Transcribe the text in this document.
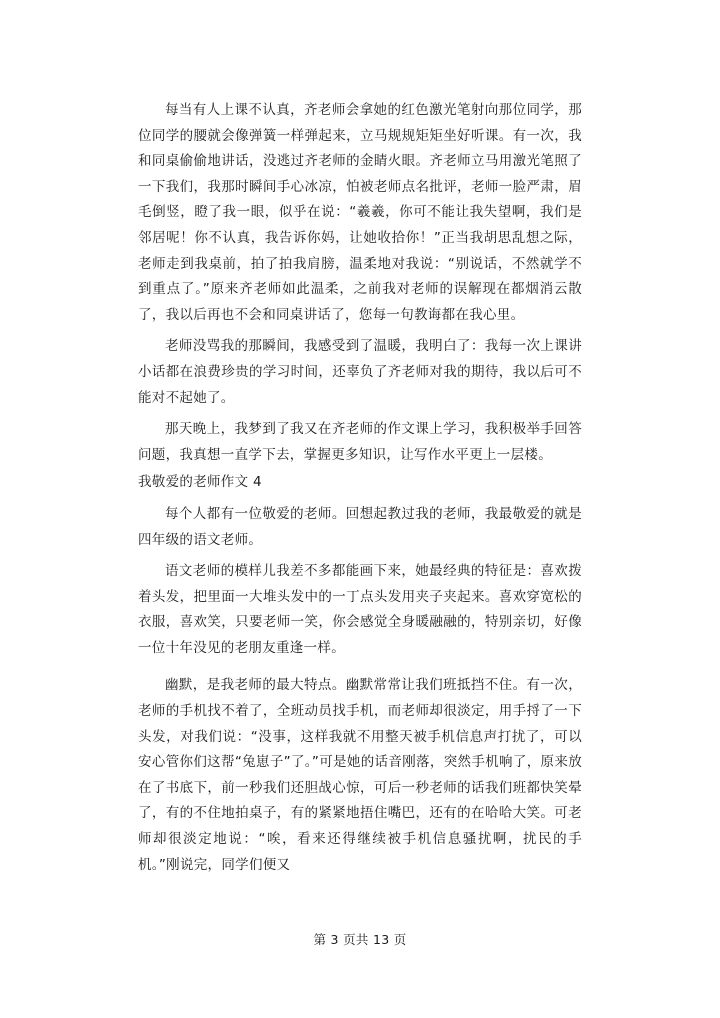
每当有人上课不认真，齐老师会拿她的红色激光笔射向那位同学，那位同学的腰就会像弹簧一样弹起来，立马规规矩矩坐好听课。有一次，我和同桌偷偷地讲话，没逃过齐老师的金睛火眼。齐老师立马用激光笔照了一下我们，我那时瞬间手心冰凉，怕被老师点名批评，老师一脸严肃，眉毛倒竖，瞪了我一眼，似乎在说：“羲羲，你可不能让我失望啊，我们是邻居呢！你不认真，我告诉你妈，让她收拾你！”正当我胡思乱想之际，老师走到我桌前，拍了拍我肩膀，温柔地对我说：“别说话，不然就学不到重点了。”原来齐老师如此温柔，之前我对老师的误解现在都烟消云散了，我以后再也不会和同桌讲话了，您每一句教诲都在我心里。

老师没骂我的那瞬间，我感受到了温暖，我明白了：我每一次上课讲小话都在浪费珍贵的学习时间，还辜负了齐老师对我的期待，我以后可不能对不起她了。

那天晚上，我梦到了我又在齐老师的作文课上学习，我积极举手回答问题，我真想一直学下去，掌握更多知识，让写作水平更上一层楼。

我敬爱的老师作文 4

每个人都有一位敬爱的老师。回想起教过我的老师，我最敬爱的就是四年级的语文老师。

语文老师的模样儿我差不多都能画下来，她最经典的特征是：喜欢拨着头发，把里面一大堆头发中的一丁点头发用夹子夹起来。喜欢穿宽松的衣服，喜欢笑，只要老师一笑，你会感觉全身暖融融的，特别亲切，好像一位十年没见的老朋友重逢一样。

幽默，是我老师的最大特点。幽默常常让我们班抵挡不住。有一次，老师的手机找不着了，全班动员找手机，而老师却很淡定，用手捋了一下头发，对我们说：“没事，这样我就不用整天被手机信息声打扰了，可以安心管你们这帮“兔崽子”了。”可是她的话音刚落，突然手机响了，原来放在了书底下，前一秒我们还胆战心惊，可后一秒老师的话我们班都快笑晕了，有的不住地拍桌子，有的紧紧地捂住嘴巴，还有的在哈哈大笑。可老师却很淡定地说：“唉，看来还得继续被手机信息骚扰啊，扰民的手机。”刚说完，同学们便又

第 3 页共 13 页
